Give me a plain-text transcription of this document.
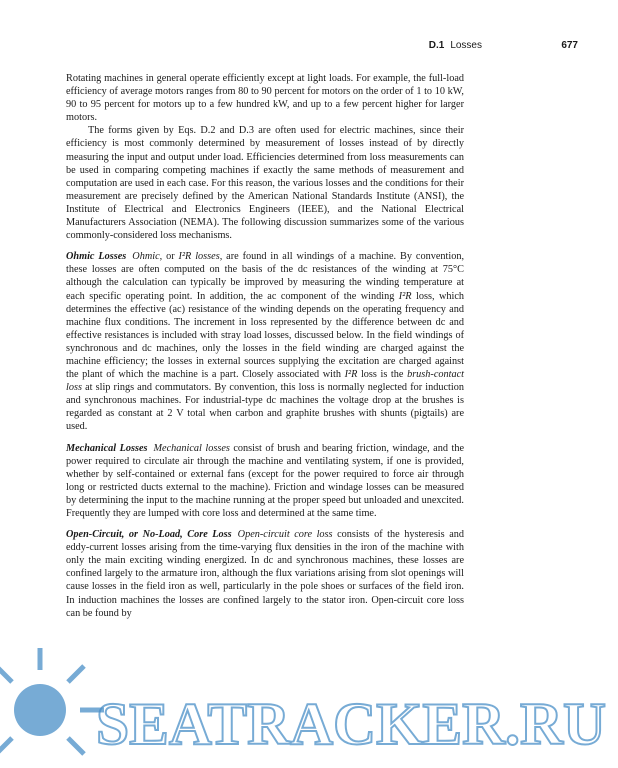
D.1 Losses	677

Rotating machines in general operate efficiently except at light loads. For example, the full-load efficiency of average motors ranges from 80 to 90 percent for motors on the order of 1 to 10 kW, 90 to 95 percent for motors up to a few hundred kW, and up to a few percent higher for larger motors.

The forms given by Eqs. D.2 and D.3 are often used for electric machines, since their efficiency is most commonly determined by measurement of losses instead of by directly measuring the input and output under load. Efficiencies determined from loss measurements can be used in comparing competing machines if exactly the same methods of measurement and computation are used in each case. For this reason, the various losses and the conditions for their measurement are precisely defined by the American National Standards Institute (ANSI), the Institute of Electrical and Electronics Engineers (IEEE), and the National Electrical Manufacturers Association (NEMA). The following discussion summarizes some of the various commonly-considered loss mechanisms.

Ohmic Losses Ohmic, or I²R losses, are found in all windings of a machine. By convention, these losses are often computed on the basis of the dc resistances of the winding at 75°C although the calculation can typically be improved by measuring the winding temperature at each specific operating point. In addition, the ac component of the winding I²R loss, which determines the effective (ac) resistance of the winding depends on the operating frequency and machine flux conditions. The increment in loss represented by the difference between dc and effective resistances is included with stray load losses, discussed below. In the field windings of synchronous and dc machines, only the losses in the field winding are charged against the machine efficiency; the losses in external sources supplying the excitation are charged against the plant of which the machine is a part. Closely associated with I²R loss is the brush-contact loss at slip rings and commutators. By convention, this loss is normally neglected for induction and synchronous machines. For industrial-type dc machines the voltage drop at the brushes is regarded as constant at 2 V total when carbon and graphite brushes with shunts (pigtails) are used.

Mechanical Losses Mechanical losses consist of brush and bearing friction, windage, and the power required to circulate air through the machine and ventilating system, if one is provided, whether by self-contained or external fans (except for the power required to force air through long or restricted ducts external to the machine). Friction and windage losses can be measured by determining the input to the machine running at the proper speed but unloaded and unexcited. Frequently they are lumped with core loss and determined at the same time.

Open-Circuit, or No-Load, Core Loss Open-circuit core loss consists of the hysteresis and eddy-current losses arising from the time-varying flux densities in the iron of the machine with only the main exciting winding energized. In dc and synchronous machines, these losses are confined largely to the armature iron, although the flux variations arising from slot openings will cause losses in the field iron as well, particularly in the pole shoes or surfaces of the field iron. In induction machines the losses are confined largely to the stator iron. Open-circuit core loss can be found by

SEATRACKER.RU
